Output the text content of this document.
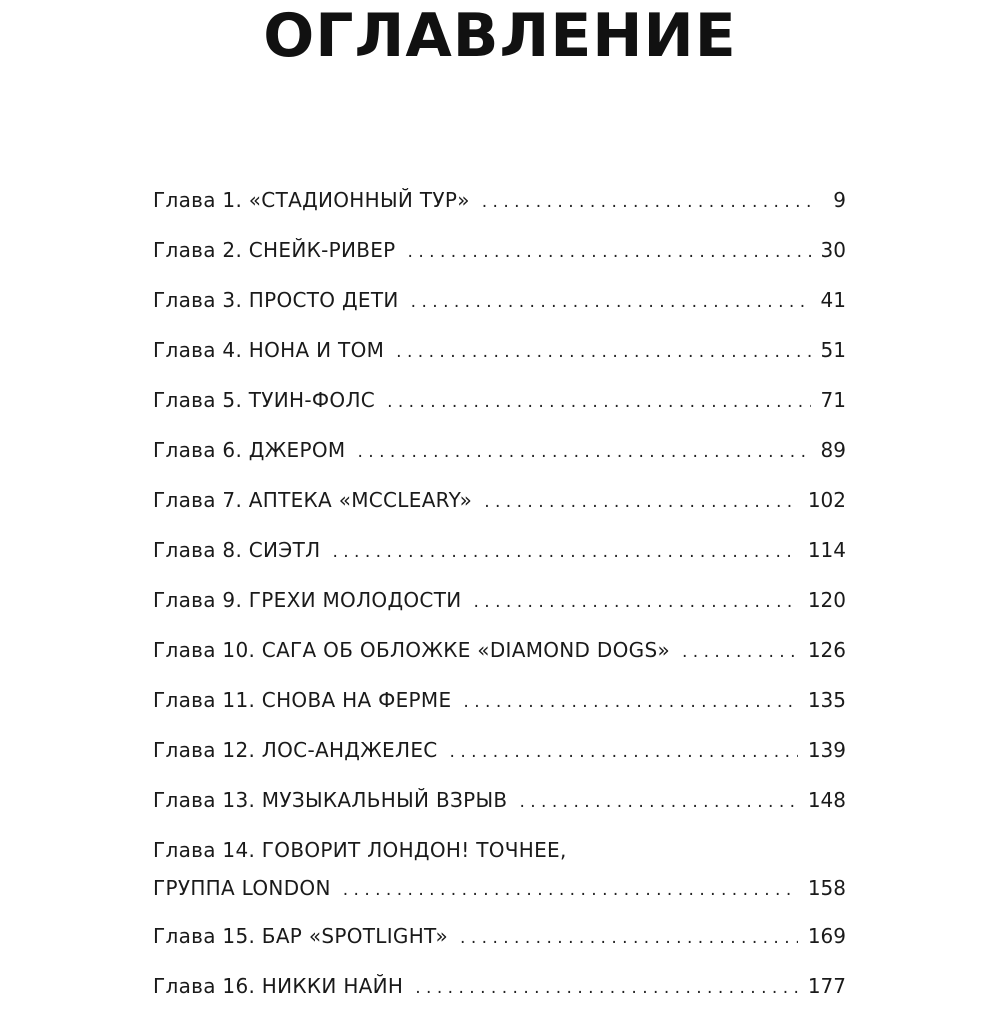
ОГЛАВЛЕНИЕ
Глава 1. «СТАДИОННЫЙ ТУР» . . .	9
Глава 2. СНЕЙК-РИВЕР . . .	30
Глава 3. ПРОСТО ДЕТИ . . .	41
Глава 4. НОНА И ТОМ . . .	51
Глава 5. ТУИН-ФОЛС . . .	71
Глава 6. ДЖЕРОМ . . .	89
Глава 7. АПТЕКА «MCCLEARY» . . .	102
Глава 8. СИЭТЛ . . .	114
Глава 9. ГРЕХИ МОЛОДОСТИ . . .	120
Глава 10. САГА ОБ ОБЛОЖКЕ «DIAMOND DOGS» . . .	126
Глава 11. СНОВА НА ФЕРМЕ . . .	135
Глава 12. ЛОС-АНДЖЕЛЕС . . .	139
Глава 13. МУЗЫКАЛЬНЫЙ ВЗРЫВ . . .	148
Глава 14. ГОВОРИТ ЛОНДОН! ТОЧНЕЕ,
ГРУППА LONDON . . .	158
Глава 15. БАР «SPOTLIGHT» . . .	169
Глава 16. НИККИ НАЙН . . .	177
